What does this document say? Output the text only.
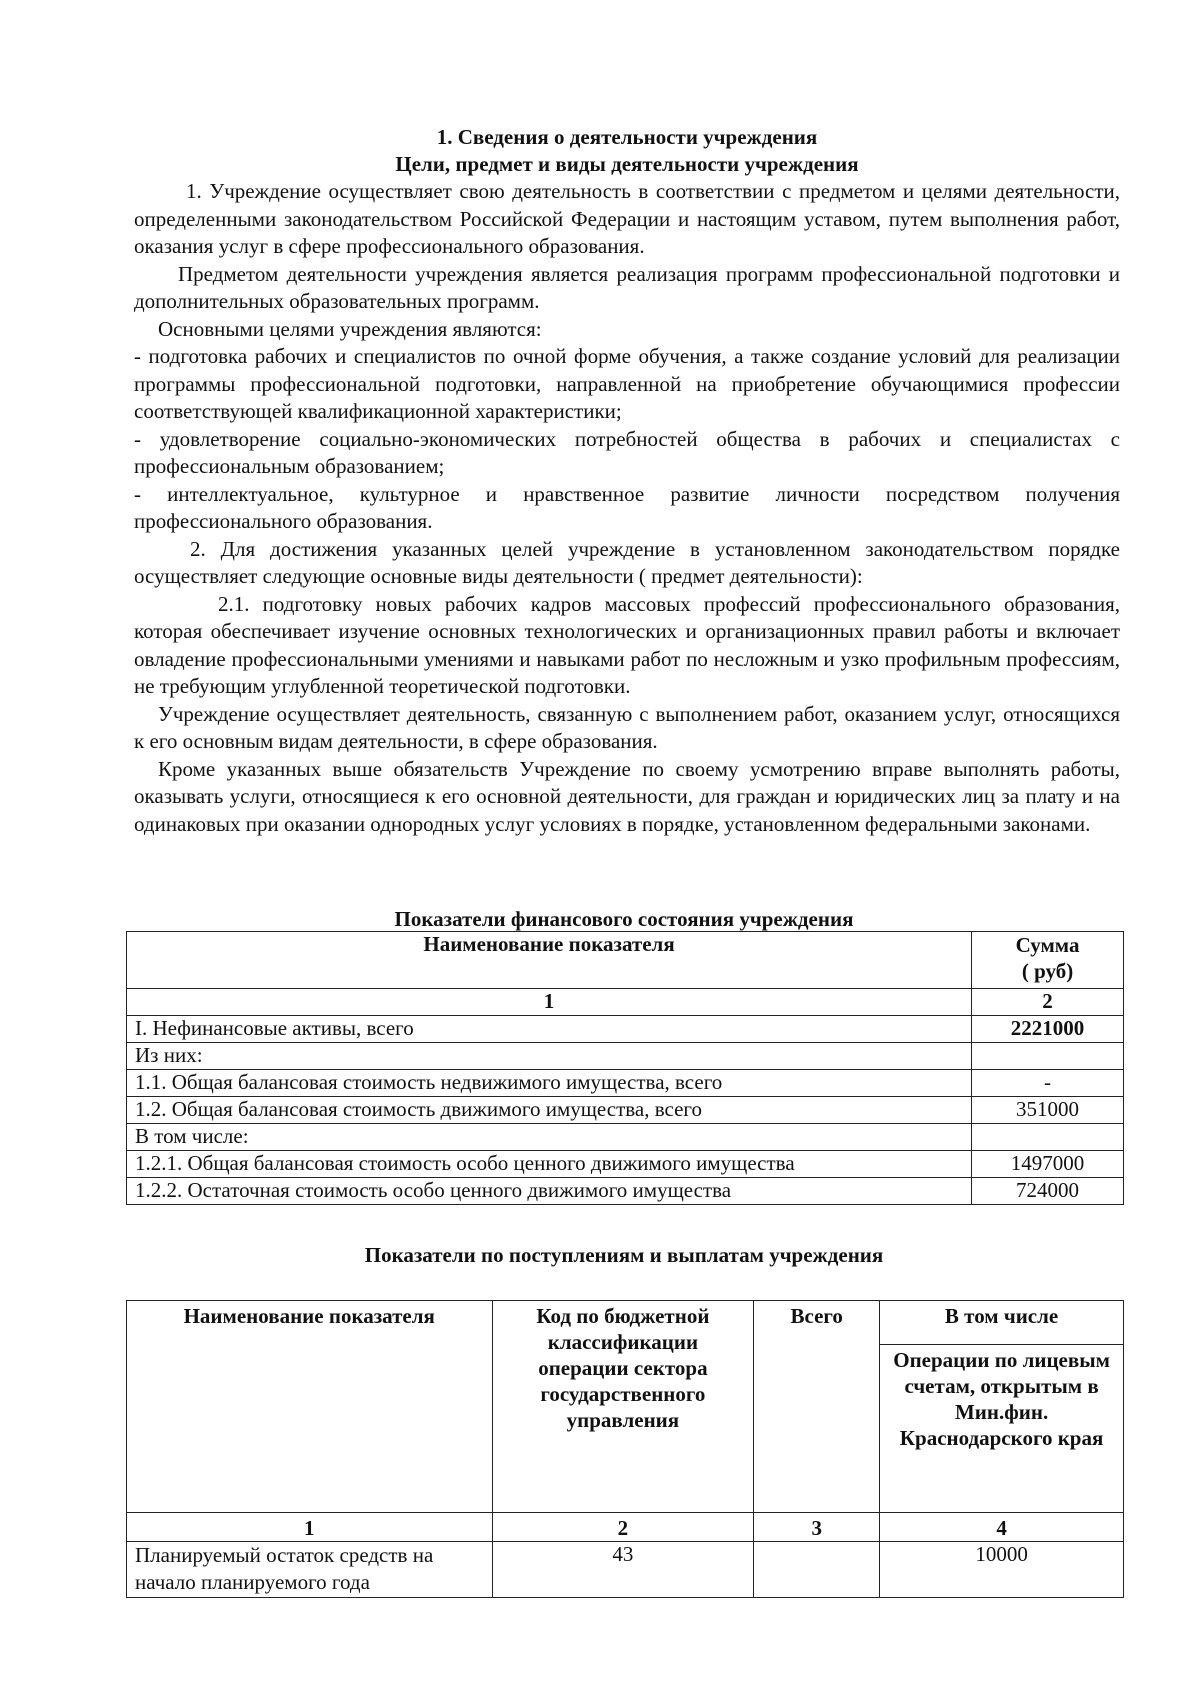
1. Сведения о деятельности учреждения
Цели, предмет и виды деятельности учреждения

1. Учреждение осуществляет свою деятельность в соответствии с предметом и целями деятельности, определенными законодательством Российской Федерации и настоящим уставом, путем выполнения работ, оказания услуг в сфере профессионального образования.

Предметом деятельности учреждения является реализация программ профессиональной подготовки и дополнительных образовательных программ.

Основными целями учреждения являются:

- подготовка рабочих и специалистов по очной форме обучения, а также создание условий для реализации программы профессиональной подготовки, направленной на приобретение обучающимися профессии соответствующей квалификационной характеристики;

- удовлетворение социально-экономических потребностей общества в рабочих и специалистах с профессиональным образованием;

- интеллектуальное, культурное и нравственное развитие личности посредством получения профессионального образования.

2. Для достижения указанных целей учреждение в установленном законодательством порядке осуществляет следующие основные виды деятельности ( предмет деятельности):

2.1. подготовку новых рабочих кадров массовых профессий профессионального образования, которая обеспечивает изучение основных технологических и организационных правил работы и включает овладение профессиональными умениями и навыками работ по несложным и узко профильным профессиям, не требующим углубленной теоретической подготовки.

Учреждение осуществляет деятельность, связанную с выполнением работ, оказанием услуг, относящихся к его основным видам деятельности, в сфере образования.

Кроме указанных выше обязательств Учреждение по своему усмотрению вправе выполнять работы, оказывать услуги, относящиеся к его основной деятельности, для граждан и юридических лиц за плату и на одинаковых при оказании однородных услуг условиях в порядке, установленном федеральными законами.

Показатели финансового состояния учреждения
Наименование показателя	Сумма
( руб)
1	2
I. Нефинансовые активы, всего	2221000
Из них:	
1.1. Общая балансовая стоимость недвижимого имущества, всего	-
1.2. Общая балансовая стоимость движимого имущества, всего	351000
В том числе:	
1.2.1. Общая балансовая стоимость особо ценного движимого имущества	1497000
1.2.2. Остаточная стоимость особо ценного движимого имущества	724000
Показатели по поступлениям и выплатам учреждения
Наименование показателя	Код по бюджетной классификации операции сектора государственного управления	Всего	В том числе
			Операции по лицевым счетам, открытым в Мин.фин. Краснодарского края
1	2	3	4
Планируемый остаток средств на начало планируемого года	43		10000
